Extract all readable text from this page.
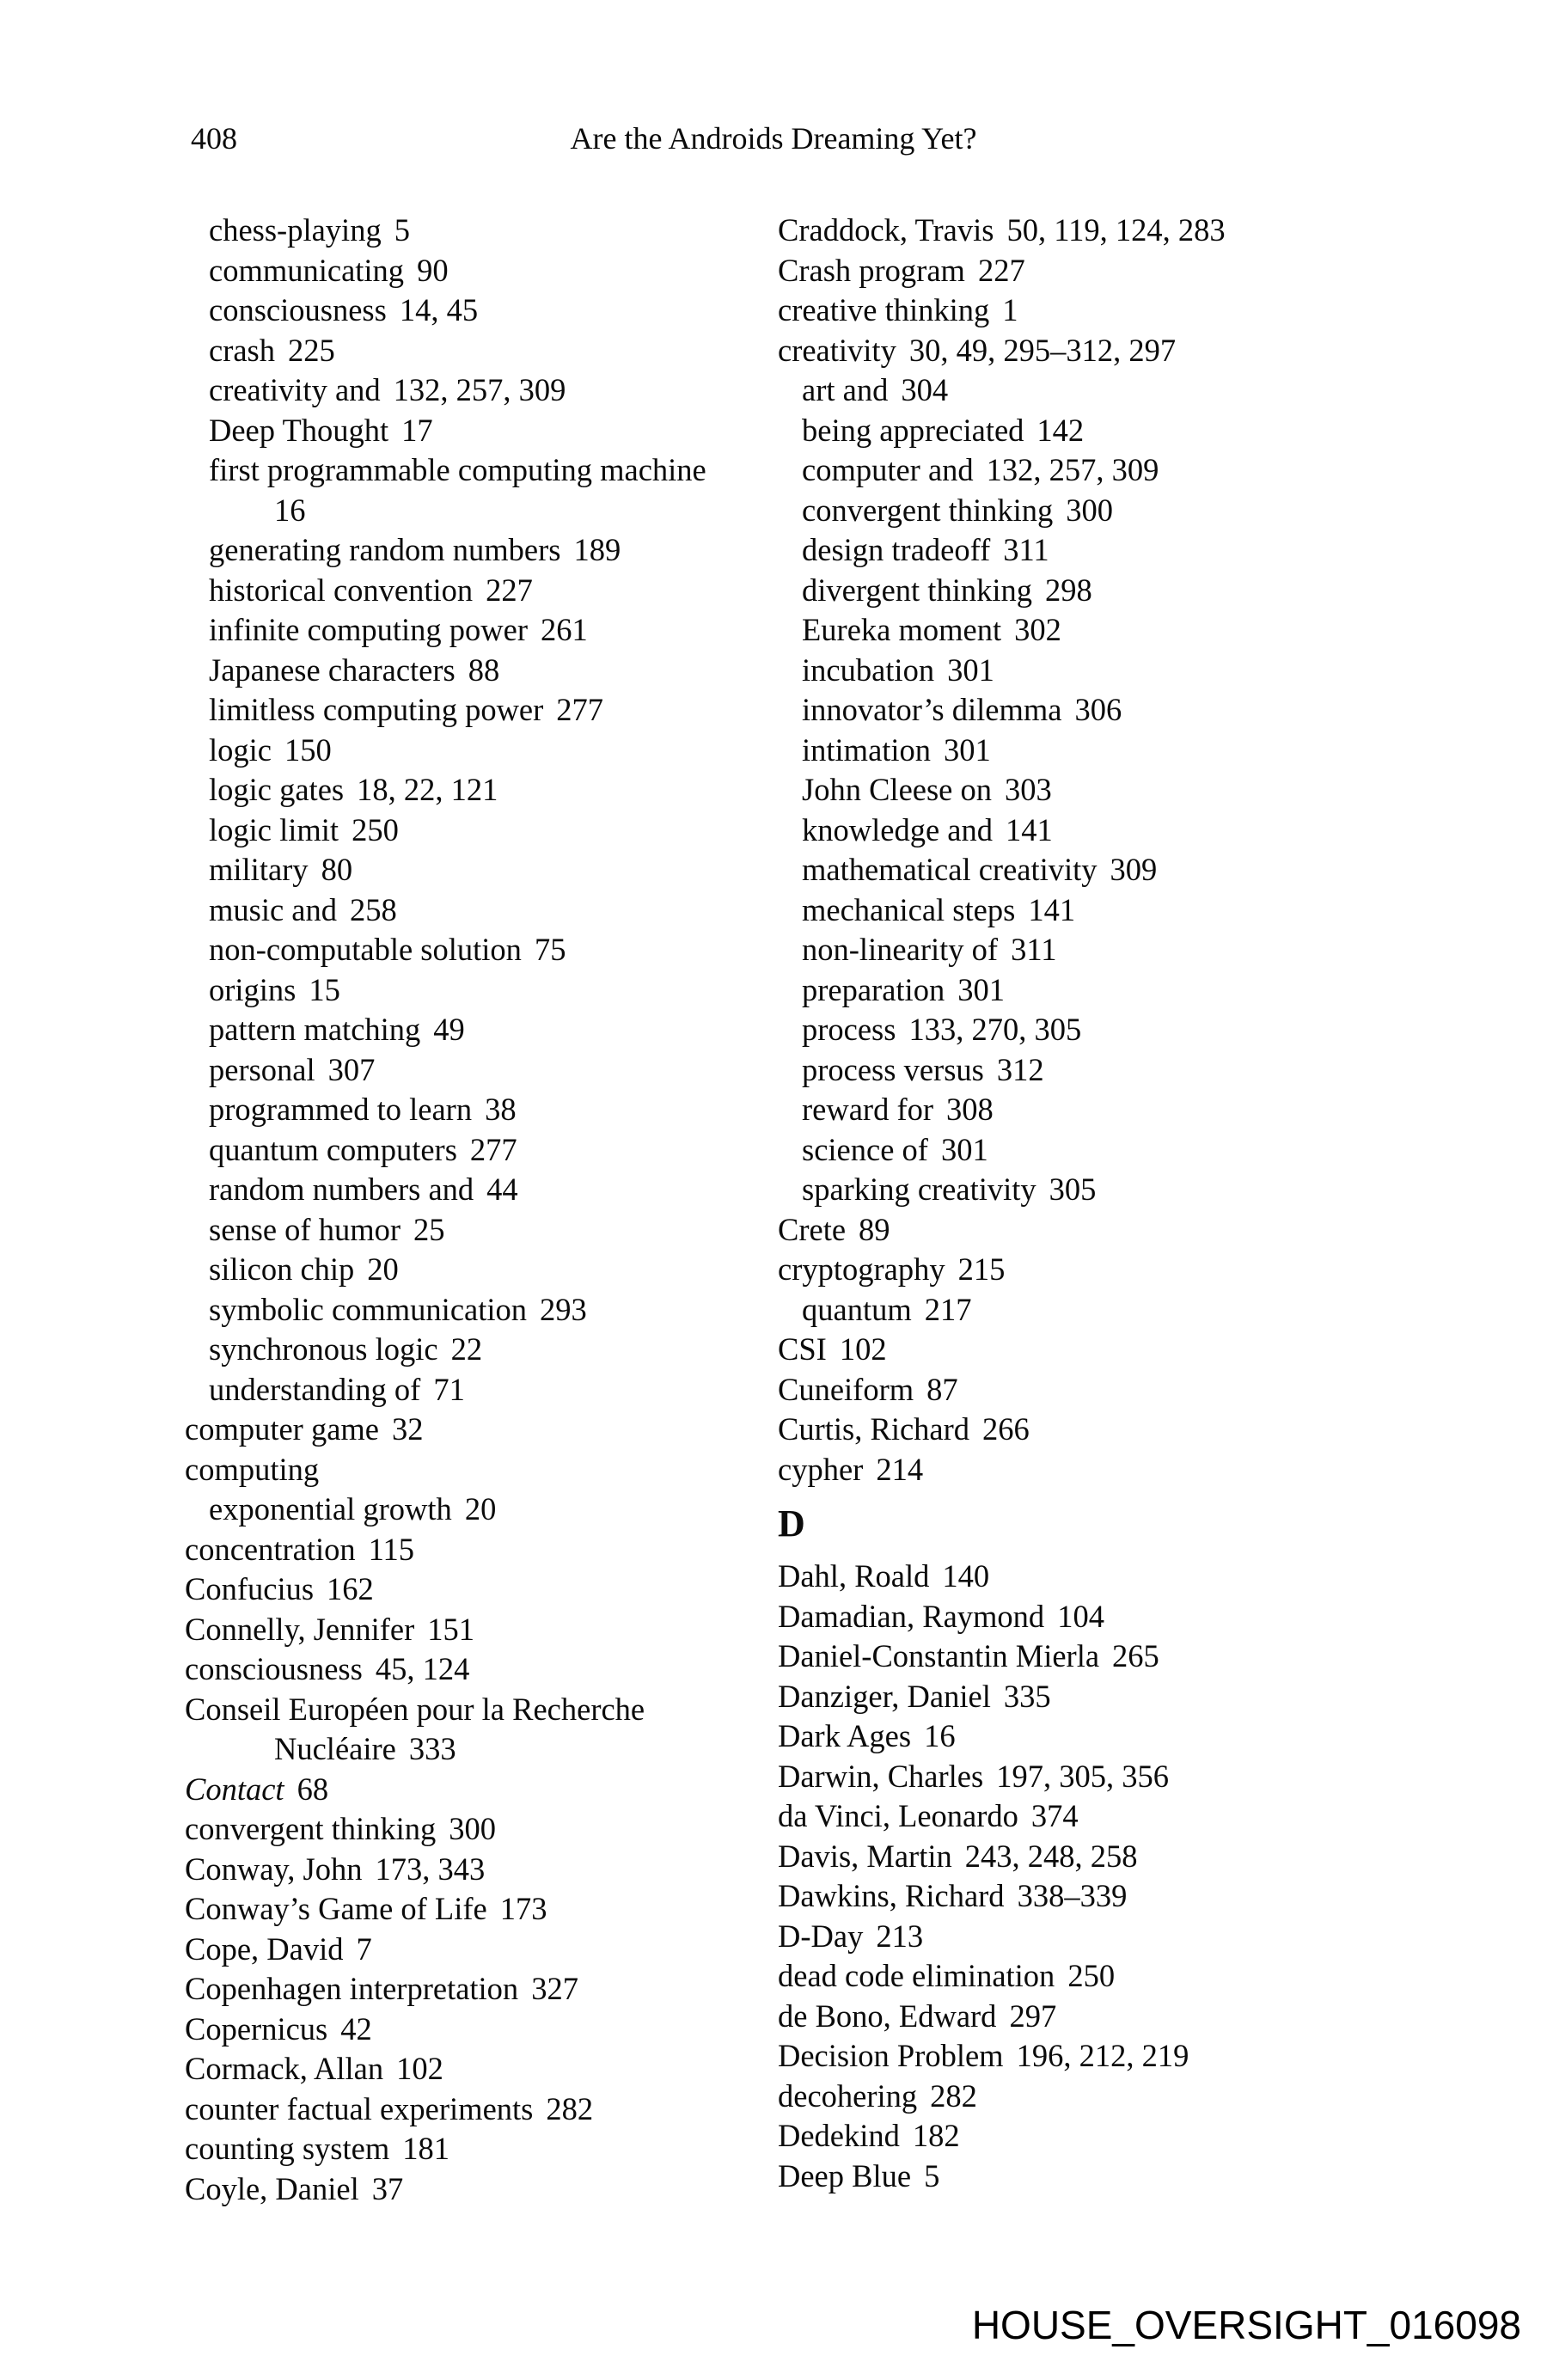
408	Are the Androids Dreaming Yet?
chess-playing 5
communicating 90
consciousness 14, 45
crash 225
creativity and 132, 257, 309
Deep Thought 17
first programmable computing machine
16
generating random numbers 189
historical convention 227
infinite computing power 261
Japanese characters 88
limitless computing power 277
logic 150
logic gates 18, 22, 121
logic limit 250
military 80
music and 258
non-computable solution 75
origins 15
pattern matching 49
personal 307
programmed to learn 38
quantum computers 277
random numbers and 44
sense of humor 25
silicon chip 20
symbolic communication 293
synchronous logic 22
understanding of 71
computer game 32
computing
exponential growth 20
concentration 115
Confucius 162
Connelly, Jennifer 151
consciousness 45, 124
Conseil Européen pour la Recherche
Nucléaire 333
Contact 68
convergent thinking 300
Conway, John 173, 343
Conway’s Game of Life 173
Cope, David 7
Copenhagen interpretation 327
Copernicus 42
Cormack, Allan 102
counter factual experiments 282
counting system 181
Coyle, Daniel 37
Craddock, Travis 50, 119, 124, 283
Crash program 227
creative thinking 1
creativity 30, 49, 295–312, 297
art and 304
being appreciated 142
computer and 132, 257, 309
convergent thinking 300
design tradeoff 311
divergent thinking 298
Eureka moment 302
incubation 301
innovator’s dilemma 306
intimation 301
John Cleese on 303
knowledge and 141
mathematical creativity 309
mechanical steps 141
non-linearity of 311
preparation 301
process 133, 270, 305
process versus 312
reward for 308
science of 301
sparking creativity 305
Crete 89
cryptography 215
quantum 217
CSI 102
Cuneiform 87
Curtis, Richard 266
cypher 214
D
Dahl, Roald 140
Damadian, Raymond 104
Daniel-Constantin Mierla 265
Danziger, Daniel 335
Dark Ages 16
Darwin, Charles 197, 305, 356
da Vinci, Leonardo 374
Davis, Martin 243, 248, 258
Dawkins, Richard 338–339
D-Day 213
dead code elimination 250
de Bono, Edward 297
Decision Problem 196, 212, 219
decohering 282
Dedekind 182
Deep Blue 5
HOUSE_OVERSIGHT_016098
